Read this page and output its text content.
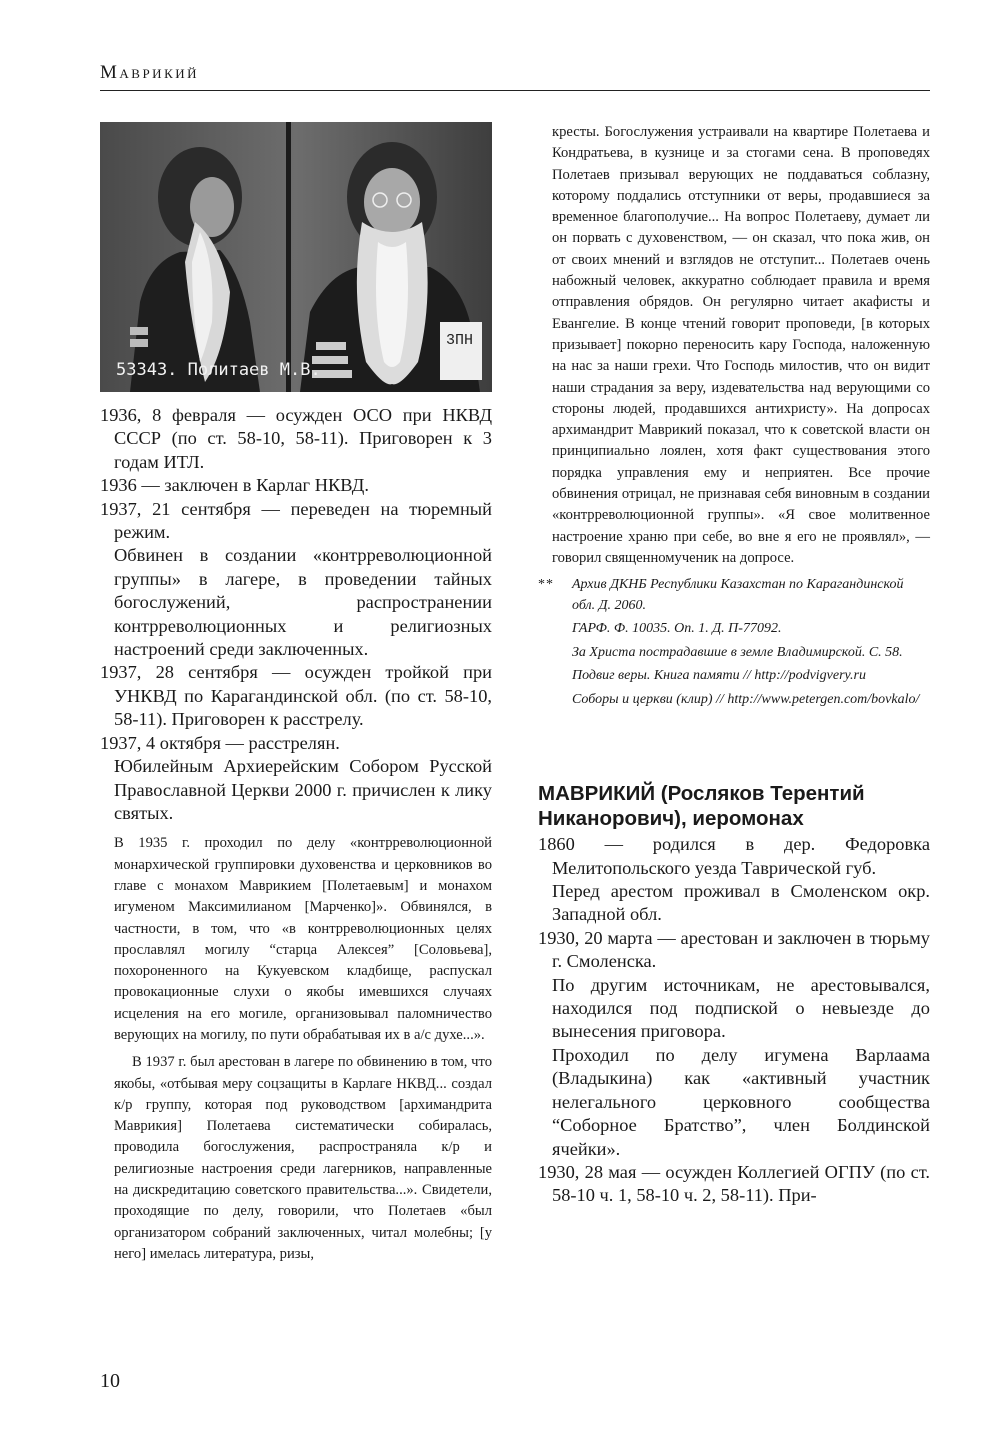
Маврикий
53343. Политаев М.В.
3ПН
1936, 8 февраля — осужден ОСО при НКВД СССР (по ст. 58-10, 58-11). Приговорен к 3 годам ИТЛ.
1936 — заключен в Карлаг НКВД.
1937, 21 сентября — переведен на тюремный режим.
Обвинен в создании «контрреволюционной группы» в лагере, в проведении тайных богослужений, распространении контрреволюционных и религиозных настроений среди заключенных.
1937, 28 сентября — осужден тройкой при УНКВД по Карагандинской обл. (по ст. 58-10, 58-11). Приговорен к расстрелу.
1937, 4 октября — расстрелян.
Юбилейным Архиерейским Собором Русской Православной Церкви 2000 г. причислен к лику святых.

В 1935 г. проходил по делу «контрреволюционной монархической группировки духовенства и церковников во главе с монахом Маврикием [Полетаевым] и монахом игуменом Максимилианом [Марченко]». Обвинялся, в частности, в том, что «в контрреволюционных целях прославлял могилу “старца Алексея” [Соловьева], похороненного на Кукуевском кладбище, распускал провокационные слухи о якобы имевшихся случаях исцеления на его могиле, организовывал паломничество верующих на могилу, по пути обрабатывая их в а/с духе...».

В 1937 г. был арестован в лагере по обвинению в том, что якобы, «отбывая меру соцзащиты в Карлаге НКВД... создал к/р группу, которая под руководством [архимандрита Маврикия] Полетаева систематически собиралась, проводила богослужения, распространяла к/р и религиозные настроения среди лагерников, направленные на дискредитацию советского правительства...». Свидетели, проходящие по делу, говорили, что Полетаев «был организатором собраний заключенных, читал молебны; [у него] имелась литература, ризы,

кресты. Богослужения устраивали на квартире Полетаева и Кондратьева, в кузнице и за стогами сена. В проповедях Полетаев призывал верующих не поддаваться соблазну, которому поддались отступники от веры, продавшиеся за временное благополучие... На вопрос Полетаеву, думает ли он порвать с духовенством, — он сказал, что пока жив, он от своих мнений и взглядов не отступит... Полетаев очень набожный человек, аккуратно соблюдает правила и время отправления обрядов. Он регулярно читает акафисты и Евангелие. В конце чтений говорит проповеди, [в которых призывает] покорно переносить кару Господа, наложенную на нас за наши грехи. Что Господь милостив, что он видит наши страдания за веру, издевательства над верующими со стороны людей, продавшихся антихристу». На допросах архимандрит Маврикий показал, что к советской власти он принципиально лоялен, хотя факт существования этого порядка управления ему и неприятен. Все прочие обвинения отрицал, не признавая себя виновным в создании «контрреволюционной группы». «Я свое молитвенное настроение храню при себе, во вне я его не проявлял», — говорил священномученик на допросе.

**	Архив ДКНБ Республики Казахстан по Карагандинской обл. Д. 2060.
ГАРФ. Ф. 10035. Оп. 1. Д. П-77092.
За Христа пострадавшие в земле Владимирской. С. 58.
Подвиг веры. Книга памяти // http://podvigvery.ru
Соборы и церкви (клир) // http://www.petergen.com/bovkalo/
МАВРИКИЙ (Росляков Терентий Никанорович), иеромонах
1860 — родился в дер. Федоровка Мелитопольского уезда Таврической губ.
Перед арестом проживал в Смоленском окр. Западной обл.
1930, 20 марта — арестован и заключен в тюрьму г. Смоленска.
По другим источникам, не арестовывался, находился под подпиской о невыезде до вынесения приговора.
Проходил по делу игумена Варлаама (Владыкина) как «активный участник нелегального церковного сообщества “Соборное Братство”, член Болдинской ячейки».
1930, 28 мая — осужден Коллегией ОГПУ (по ст. 58-10 ч. 1, 58-10 ч. 2, 58-11). При-
10
